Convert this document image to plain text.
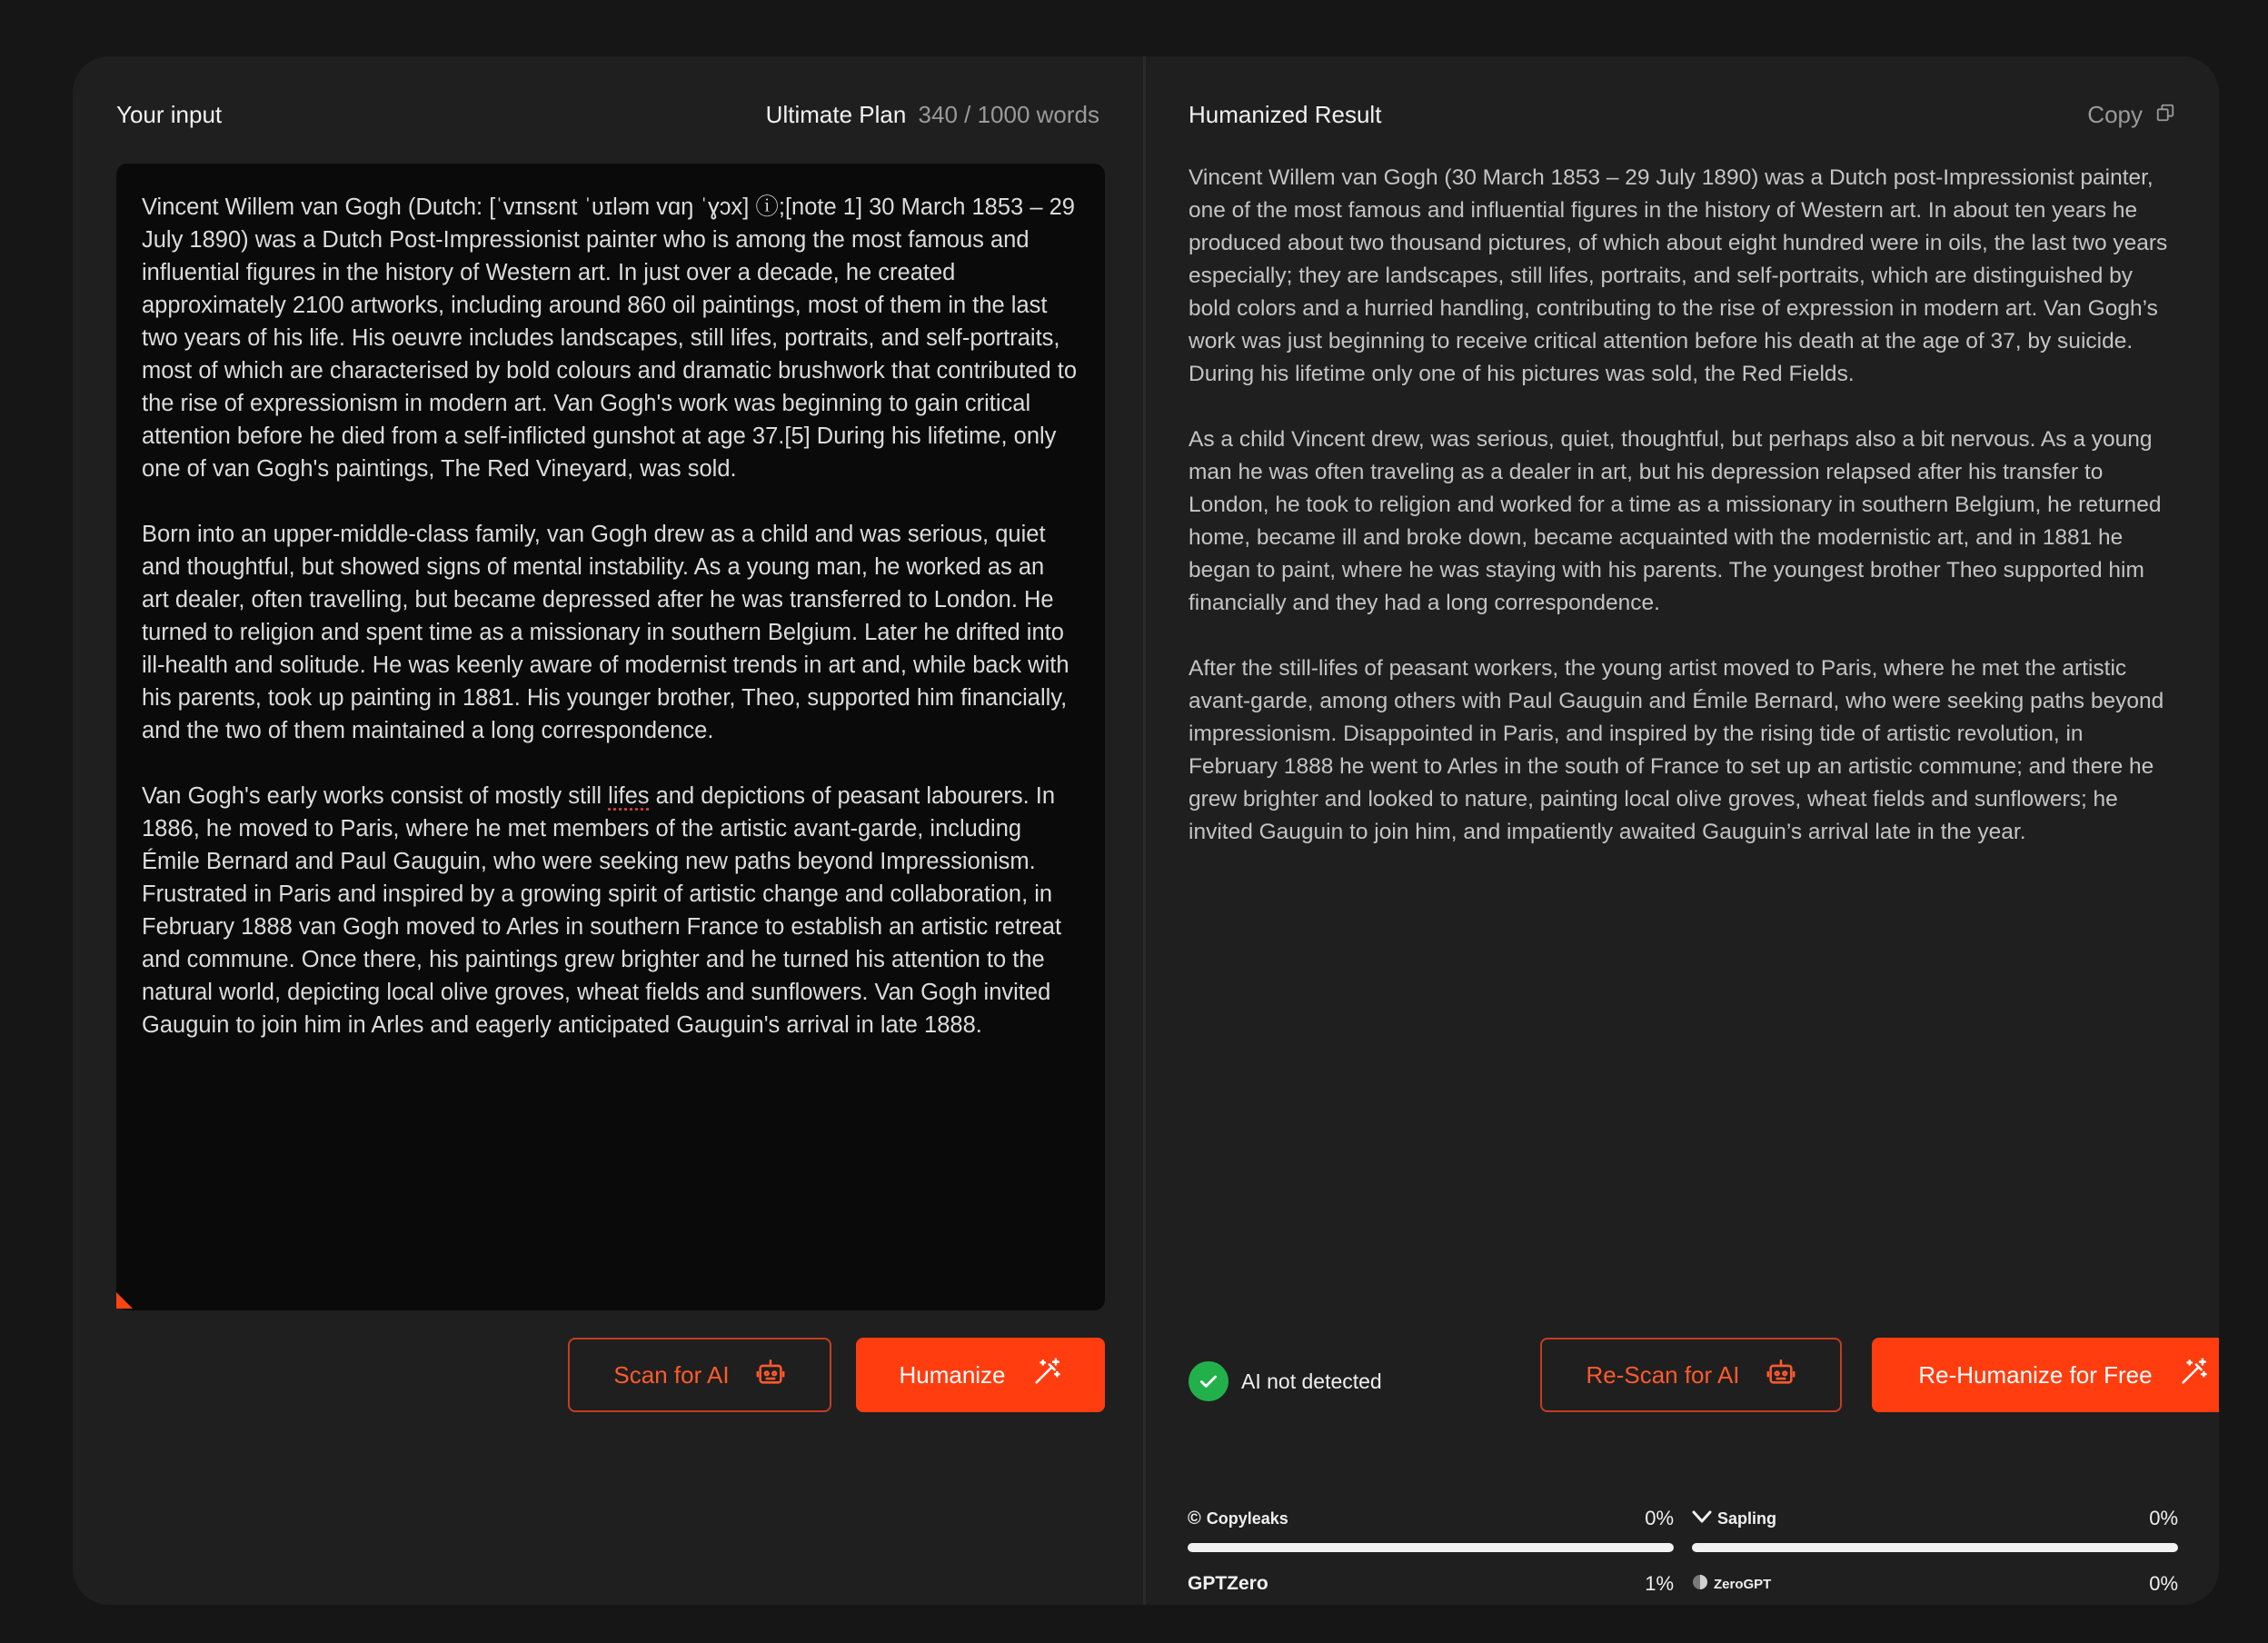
Your input	Ultimate Plan 340 / 1000 words

Vincent Willem van Gogh (Dutch: [ˈvɪnsɛnt ˈʋɪləm vɑŋ ˈɣɔx] ⓘ;[note 1] 30 March 1853 – 29 July 1890) was a Dutch Post-Impressionist painter who is among the most famous and influential figures in the history of Western art. In just over a decade, he created approximately 2100 artworks, including around 860 oil paintings, most of them in the last two years of his life. His oeuvre includes landscapes, still lifes, portraits, and self-portraits, most of which are characterised by bold colours and dramatic brushwork that contributed to the rise of expressionism in modern art. Van Gogh's work was beginning to gain critical attention before he died from a self-inflicted gunshot at age 37.[5] During his lifetime, only one of van Gogh's paintings, The Red Vineyard, was sold.

Born into an upper-middle-class family, van Gogh drew as a child and was serious, quiet and thoughtful, but showed signs of mental instability. As a young man, he worked as an art dealer, often travelling, but became depressed after he was transferred to London. He turned to religion and spent time as a missionary in southern Belgium. Later he drifted into ill-health and solitude. He was keenly aware of modernist trends in art and, while back with his parents, took up painting in 1881. His younger brother, Theo, supported him financially, and the two of them maintained a long correspondence.

Van Gogh's early works consist of mostly still lifes and depictions of peasant labourers. In 1886, he moved to Paris, where he met members of the artistic avant-garde, including Émile Bernard and Paul Gauguin, who were seeking new paths beyond Impressionism. Frustrated in Paris and inspired by a growing spirit of artistic change and collaboration, in February 1888 van Gogh moved to Arles in southern France to establish an artistic retreat and commune. Once there, his paintings grew brighter and he turned his attention to the natural world, depicting local olive groves, wheat fields and sunflowers. Van Gogh invited Gauguin to join him in Arles and eagerly anticipated Gauguin's arrival in late 1888.

Scan for AI	Humanize
Humanized Result	Copy

Vincent Willem van Gogh (30 March 1853 – 29 July 1890) was a Dutch post-Impressionist painter, one of the most famous and influential figures in the history of Western art. In about ten years he produced about two thousand pictures, of which about eight hundred were in oils, the last two years especially; they are landscapes, still lifes, portraits, and self-portraits, which are distinguished by bold colors and a hurried handling, contributing to the rise of expression in modern art. Van Gogh’s work was just beginning to receive critical attention before his death at the age of 37, by suicide. During his lifetime only one of his pictures was sold, the Red Fields.

As a child Vincent drew, was serious, quiet, thoughtful, but perhaps also a bit nervous. As a young man he was often traveling as a dealer in art, but his depression relapsed after his transfer to London, he took to religion and worked for a time as a missionary in southern Belgium, he returned home, became ill and broke down, became acquainted with the modernistic art, and in 1881 he began to paint, where he was staying with his parents. The youngest brother Theo supported him financially and they had a long correspondence.

After the still-lifes of peasant workers, the young artist moved to Paris, where he met the artistic avant-garde, among others with Paul Gauguin and Émile Bernard, who were seeking paths beyond impressionism. Disappointed in Paris, and inspired by the rising tide of artistic revolution, in February 1888 he went to Arles in the south of France to set up an artistic commune; and there he grew brighter and looked to nature, painting local olive groves, wheat fields and sunflowers; he invited Gauguin to join him, and impatiently awaited Gauguin’s arrival late in the year.

AI not detected	Re-Scan for AI	Re-Humanize for Free
© Copyleaks	0%	Sapling	0%
GPTZero	1%	ZeroGPT	0%
